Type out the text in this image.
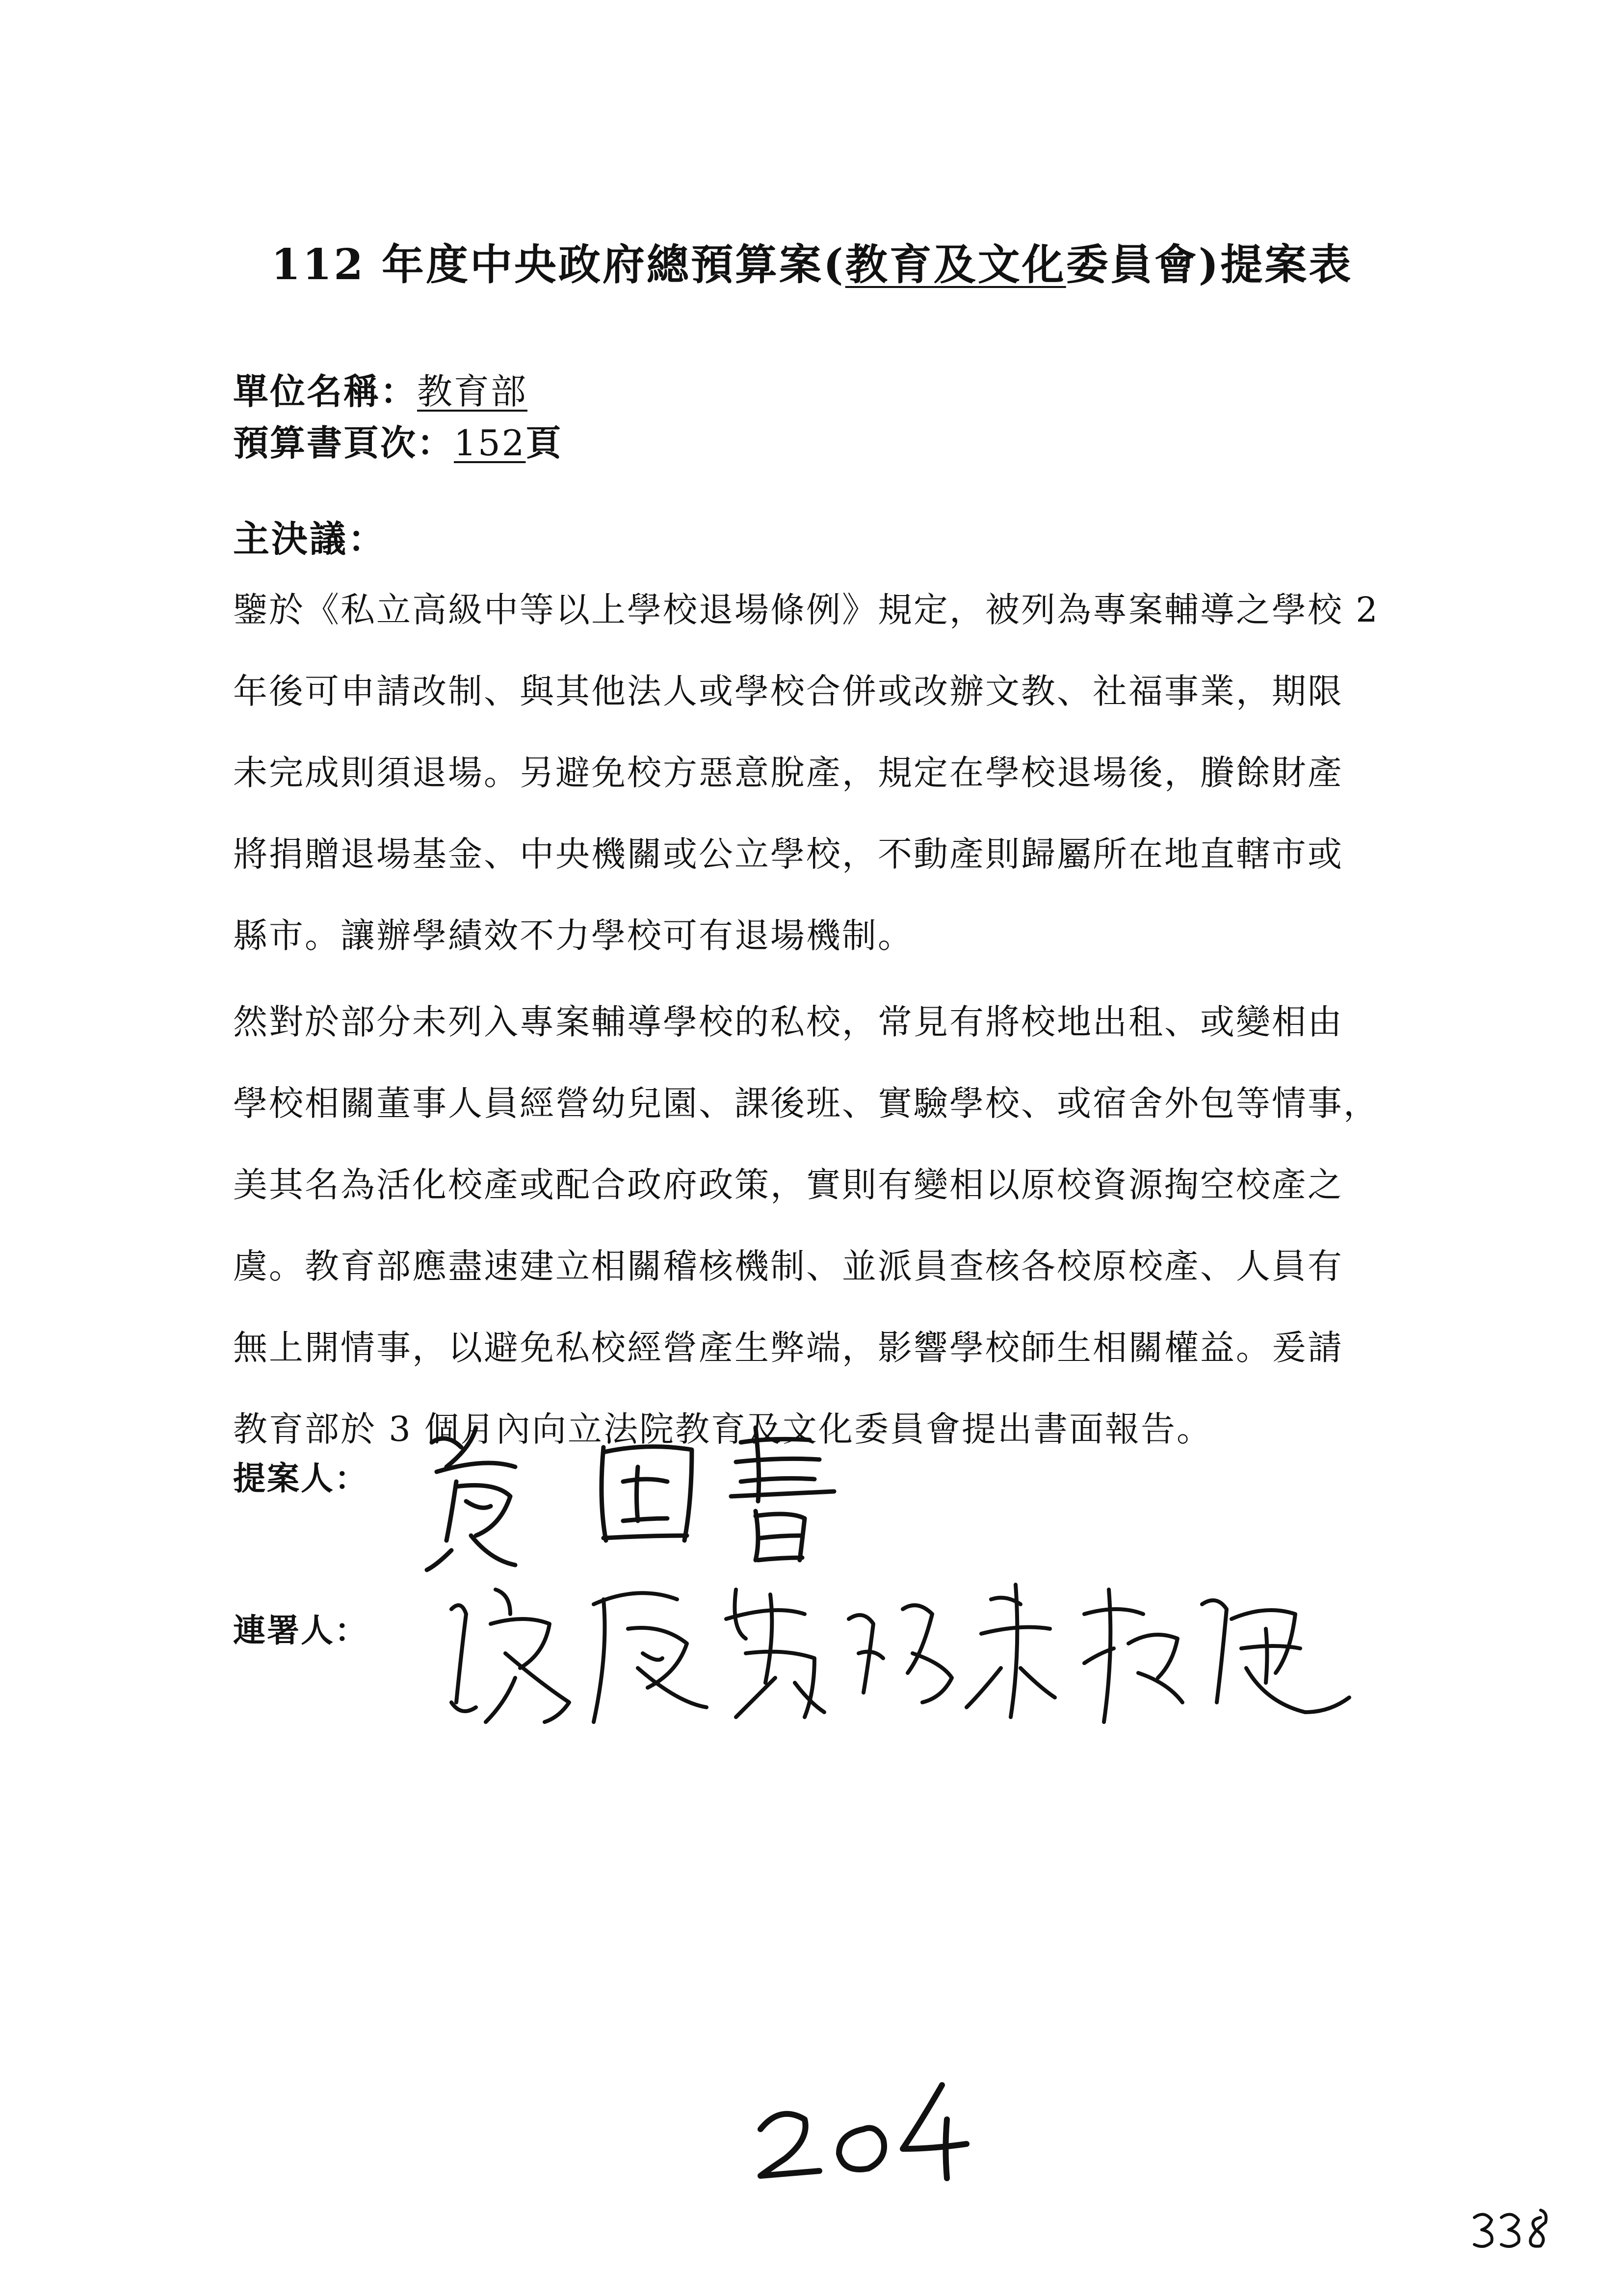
112 年度中央政府總預算案(教育及文化委員會)提案表
單位名稱：教育部
預算書頁次：152頁
主決議：
鑒於《私立高級中等以上學校退場條例》規定，被列為專案輔導之學校 2
年後可申請改制、與其他法人或學校合併或改辦文教、社福事業，期限
未完成則須退場。另避免校方惡意脫產，規定在學校退場後，賸餘財產
將捐贈退場基金、中央機關或公立學校，不動產則歸屬所在地直轄市或
縣市。讓辦學績效不力學校可有退場機制。
然對於部分未列入專案輔導學校的私校，常見有將校地出租、或變相由
學校相關董事人員經營幼兒園、課後班、實驗學校、或宿舍外包等情事，
美其名為活化校產或配合政府政策，實則有變相以原校資源掏空校產之
虞。教育部應盡速建立相關稽核機制、並派員查核各校原校產、人員有
無上開情事，以避免私校經營產生弊端，影響學校師生相關權益。爰請
教育部於 3 個月內向立法院教育及文化委員會提出書面報告。
提案人：
連署人：
204
338
